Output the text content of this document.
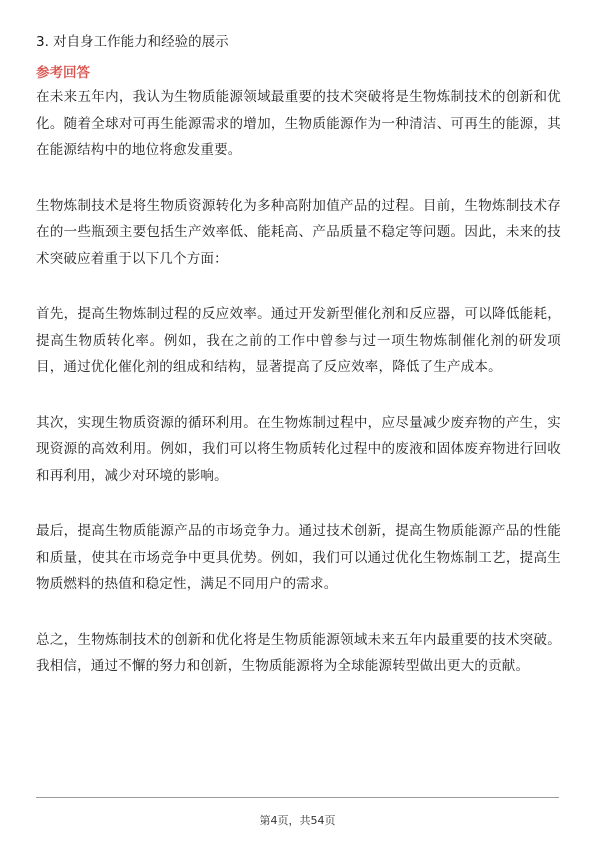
3. 对自身工作能力和经验的展示
参考回答

在未来五年内，我认为生物质能源领域最重要的技术突破将是生物炼制技术的创新和优化。随着全球对可再生能源需求的增加，生物质能源作为一种清洁、可再生的能源，其在能源结构中的地位将愈发重要。

生物炼制技术是将生物质资源转化为多种高附加值产品的过程。目前，生物炼制技术存在的一些瓶颈主要包括生产效率低、能耗高、产品质量不稳定等问题。因此，未来的技术突破应着重于以下几个方面：

首先，提高生物炼制过程的反应效率。通过开发新型催化剂和反应器，可以降低能耗，提高生物质转化率。例如，我在之前的工作中曾参与过一项生物炼制催化剂的研发项目，通过优化催化剂的组成和结构，显著提高了反应效率，降低了生产成本。

其次，实现生物质资源的循环利用。在生物炼制过程中，应尽量减少废弃物的产生，实现资源的高效利用。例如，我们可以将生物质转化过程中的废液和固体废弃物进行回收和再利用，减少对环境的影响。

最后，提高生物质能源产品的市场竞争力。通过技术创新，提高生物质能源产品的性能和质量，使其在市场竞争中更具优势。例如，我们可以通过优化生物炼制工艺，提高生物质燃料的热值和稳定性，满足不同用户的需求。

总之，生物炼制技术的创新和优化将是生物质能源领域未来五年内最重要的技术突破。我相信，通过不懈的努力和创新，生物质能源将为全球能源转型做出更大的贡献。

第4页，共54页
